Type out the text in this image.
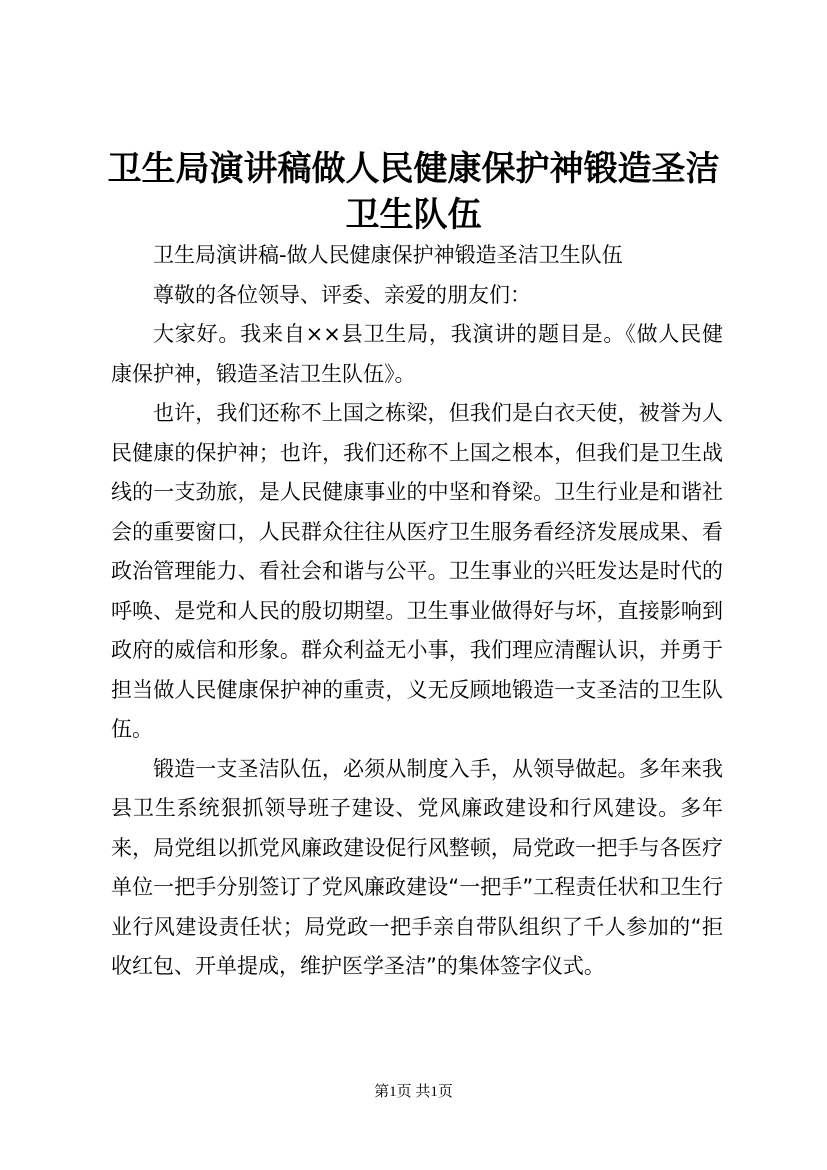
卫生局演讲稿做人民健康保护神锻造圣洁卫生队伍

卫生局演讲稿-做人民健康保护神锻造圣洁卫生队伍

尊敬的各位领导、评委、亲爱的朋友们：

大家好。我来自××县卫生局，我演讲的题目是。《做人民健康保护神，锻造圣洁卫生队伍》。

也许，我们还称不上国之栋梁，但我们是白衣天使，被誉为人民健康的保护神；也许，我们还称不上国之根本，但我们是卫生战线的一支劲旅，是人民健康事业的中坚和脊梁。卫生行业是和谐社会的重要窗口，人民群众往往从医疗卫生服务看经济发展成果、看政治管理能力、看社会和谐与公平。卫生事业的兴旺发达是时代的呼唤、是党和人民的殷切期望。卫生事业做得好与坏，直接影响到政府的威信和形象。群众利益无小事，我们理应清醒认识，并勇于担当做人民健康保护神的重责，义无反顾地锻造一支圣洁的卫生队伍。

锻造一支圣洁队伍，必须从制度入手，从领导做起。多年来我县卫生系统狠抓领导班子建设、党风廉政建设和行风建设。多年来，局党组以抓党风廉政建设促行风整顿，局党政一把手与各医疗单位一把手分别签订了党风廉政建设“一把手”工程责任状和卫生行业行风建设责任状；局党政一把手亲自带队组织了千人参加的“拒收红包、开单提成，维护医学圣洁”的集体签字仪式。

第1页 共1页
